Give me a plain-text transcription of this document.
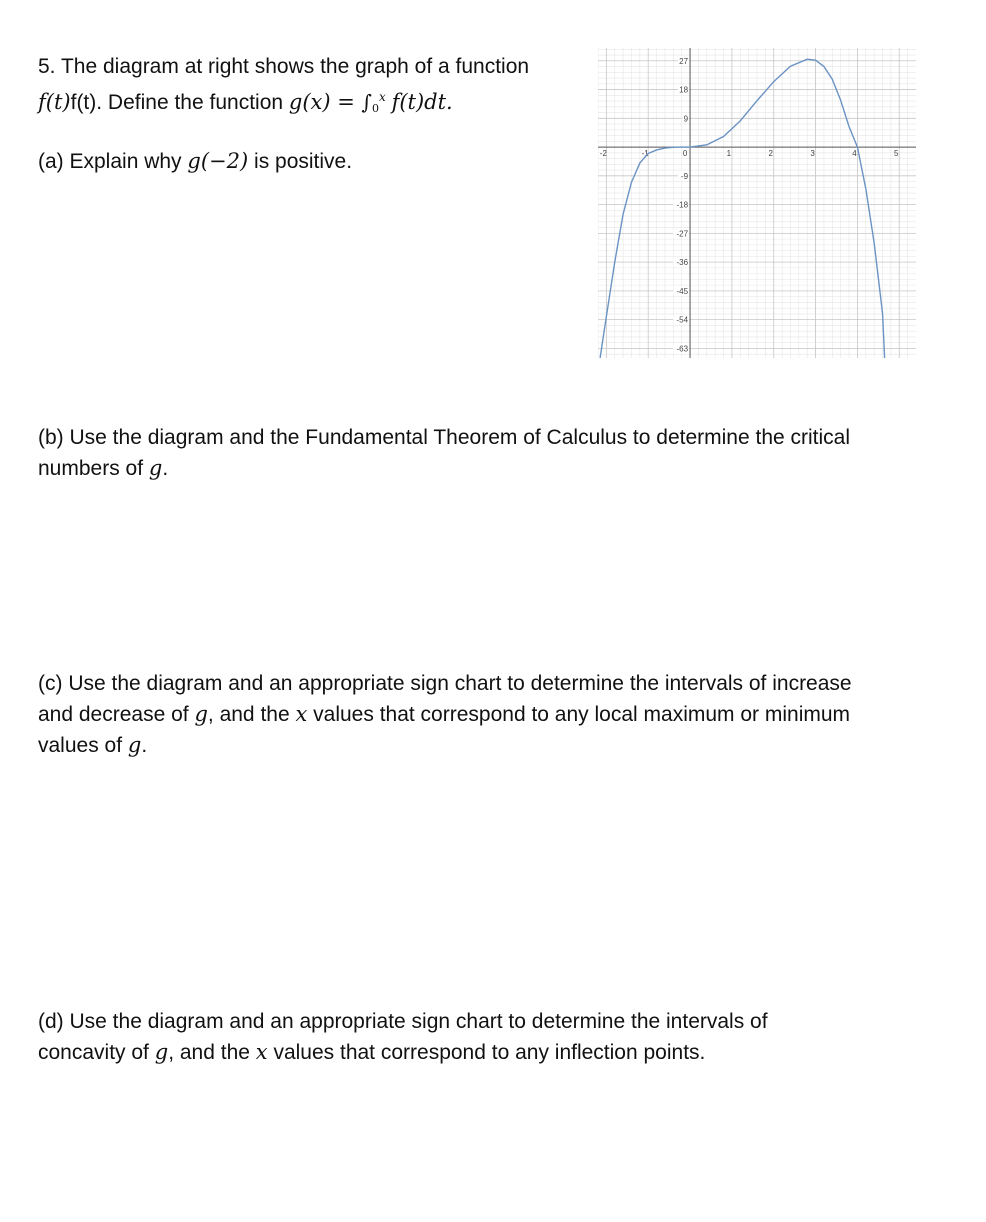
5. The diagram at right shows the graph of a function
f(t)f(t). Define the function $g(x) = \int_0^x$ f(t)dt.
(a) Explain why g(−2) is positive.	-2	-1	0	1	2	3	4	5
27
18
9
-9
-18
-27
-36
-45
-54
-63
(b) Use the diagram and the Fundamental Theorem of Calculus to determine the critical
numbers of g.
(c) Use the diagram and an appropriate sign chart to determine the intervals of increase
and decrease of g, and the x values that correspond to any local maximum or minimum
values of g.
(d) Use the diagram and an appropriate sign chart to determine the intervals of
concavity of g, and the x values that correspond to any inflection points.
